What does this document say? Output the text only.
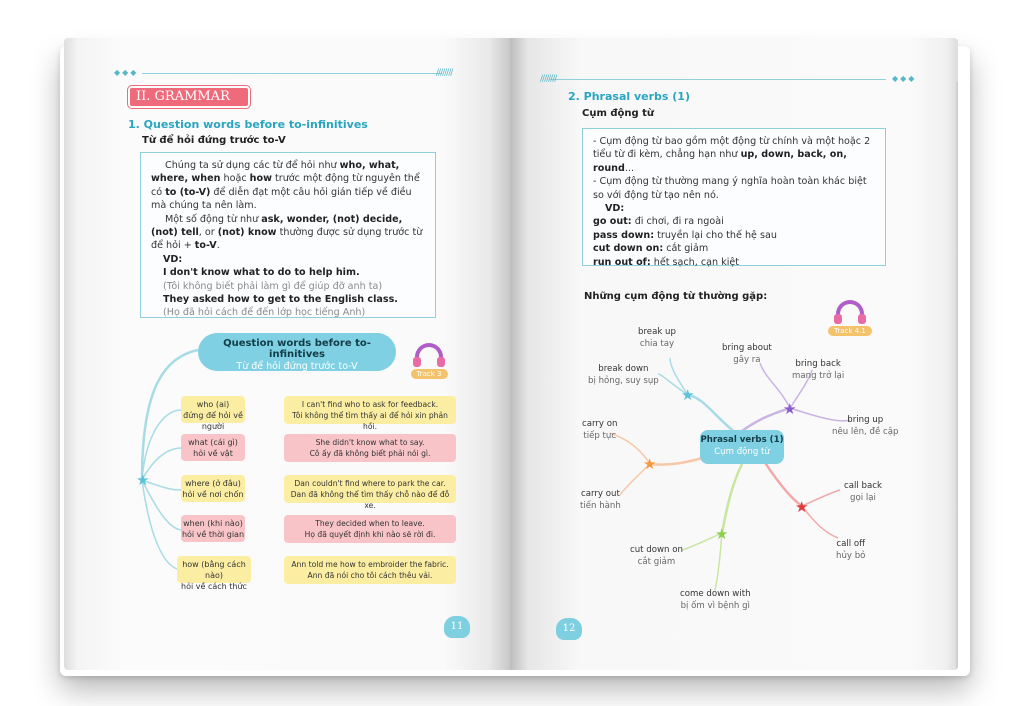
◆◆◆	////////
II. GRAMMAR
1. Question words before to-infinitives
Từ để hỏi đứng trước to-V

Chúng ta sử dụng các từ để hỏi như who, what, where, when hoặc how trước một động từ nguyên thể có to (to-V) để diễn đạt một câu hỏi gián tiếp về điều mà chúng ta nên làm.

Một số động từ như ask, wonder, (not) decide, (not) tell, or (not) know thường được sử dụng trước từ để hỏi + to-V.

VD:

I don't know what to do to help him.

(Tôi không biết phải làm gì để giúp đỡ anh ta)

They asked how to get to the English class.

(Họ đã hỏi cách để đến lớp học tiếng Anh)

★
Question words before to-infinitives
Từ để hỏi đứng trước to-V
Track 3
who (ai)
đứng để hỏi về người
I can't find who to ask for feedback.
Tôi không thể tìm thấy ai để hỏi xin phản hồi.
what (cái gì)
hỏi về vật
She didn't know what to say.
Cô ấy đã không biết phải nói gì.
where (ở đâu)
hỏi về nơi chốn
Dan couldn't find where to park the car.
Dan đã không thể tìm thấy chỗ nào để đỗ xe.
when (khi nào)
hỏi về thời gian
They decided when to leave.
Họ đã quyết định khi nào sẽ rời đi.
how (bằng cách nào)
hỏi về cách thức
Ann told me how to embroider the fabric.
Ann đã nói cho tôi cách thêu vải.
11
◆◆◆
////////
2. Phrasal verbs (1)
Cụm động từ

- Cụm động từ bao gồm một động từ chính và một hoặc 2 tiểu từ đi kèm, chẳng hạn như up, down, back, on, round...

- Cụm động từ thường mang ý nghĩa hoàn toàn khác biệt so với động từ tạo nên nó.

VD:

go out: đi chơi, đi ra ngoài

pass down: truyền lại cho thế hệ sau

cut down on: cắt giảm

run out of: hết sạch, cạn kiệt

Những cụm động từ thường gặp:
Track 4.1
★
★
★
★
★
Phrasal verbs (1)
Cụm động từ
break up
chia tay	bring about
gây ra	bring back
mang trở lại
break down
bị hỏng, suy sụp
bring up
nêu lên, đề cập
carry on
tiếp tục
call back
gọi lại
carry out
tiến hành
call off
hủy bỏ
cut down on
cắt giảm
come down with
bị ốm vì bệnh gì
12
